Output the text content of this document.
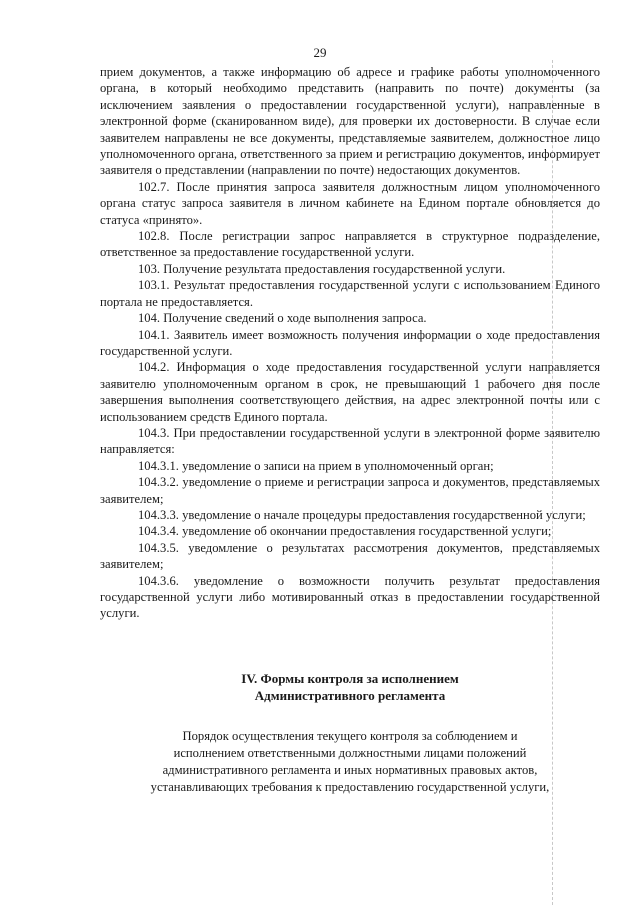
29

прием документов, а также информацию об адресе и графике работы уполномоченного органа, в который необходимо представить (направить по почте) документы (за исключением заявления о предоставлении государственной услуги), направленные в электронной форме (сканированном виде), для проверки их достоверности. В случае если заявителем направлены не все документы, представляемые заявителем, должностное лицо уполномоченного органа, ответственного за прием и регистрацию документов, информирует заявителя о представлении (направлении по почте) недостающих документов.

102.7. После принятия запроса заявителя должностным лицом уполномоченного органа статус запроса заявителя в личном кабинете на Едином портале обновляется до статуса «принято».

102.8. После регистрации запрос направляется в структурное подразделение, ответственное за предоставление государственной услуги.

103. Получение результата предоставления государственной услуги.

103.1. Результат предоставления государственной услуги с использованием Единого портала не предоставляется.

104. Получение сведений о ходе выполнения запроса.

104.1. Заявитель имеет возможность получения информации о ходе предоставления государственной услуги.

104.2. Информация о ходе предоставления государственной услуги направляется заявителю уполномоченным органом в срок, не превышающий 1 рабочего дня после завершения выполнения соответствующего действия, на адрес электронной почты или с использованием средств Единого портала.

104.3. При предоставлении государственной услуги в электронной форме заявителю направляется:

104.3.1. уведомление о записи на прием в уполномоченный орган;

104.3.2. уведомление о приеме и регистрации запроса и документов, представляемых заявителем;

104.3.3. уведомление о начале процедуры предоставления государственной услуги;

104.3.4. уведомление об окончании предоставления государственной услуги;

104.3.5. уведомление о результатах рассмотрения документов, представляемых заявителем;

104.3.6. уведомление о возможности получить результат предоставления государственной услуги либо мотивированный отказ в предоставлении государственной услуги.

IV. Формы контроля за исполнением
Административного регламента
Порядок осуществления текущего контроля за соблюдением и
исполнением ответственными должностными лицами положений
административного регламента и иных нормативных правовых актов,
устанавливающих требования к предоставлению государственной услуги,
